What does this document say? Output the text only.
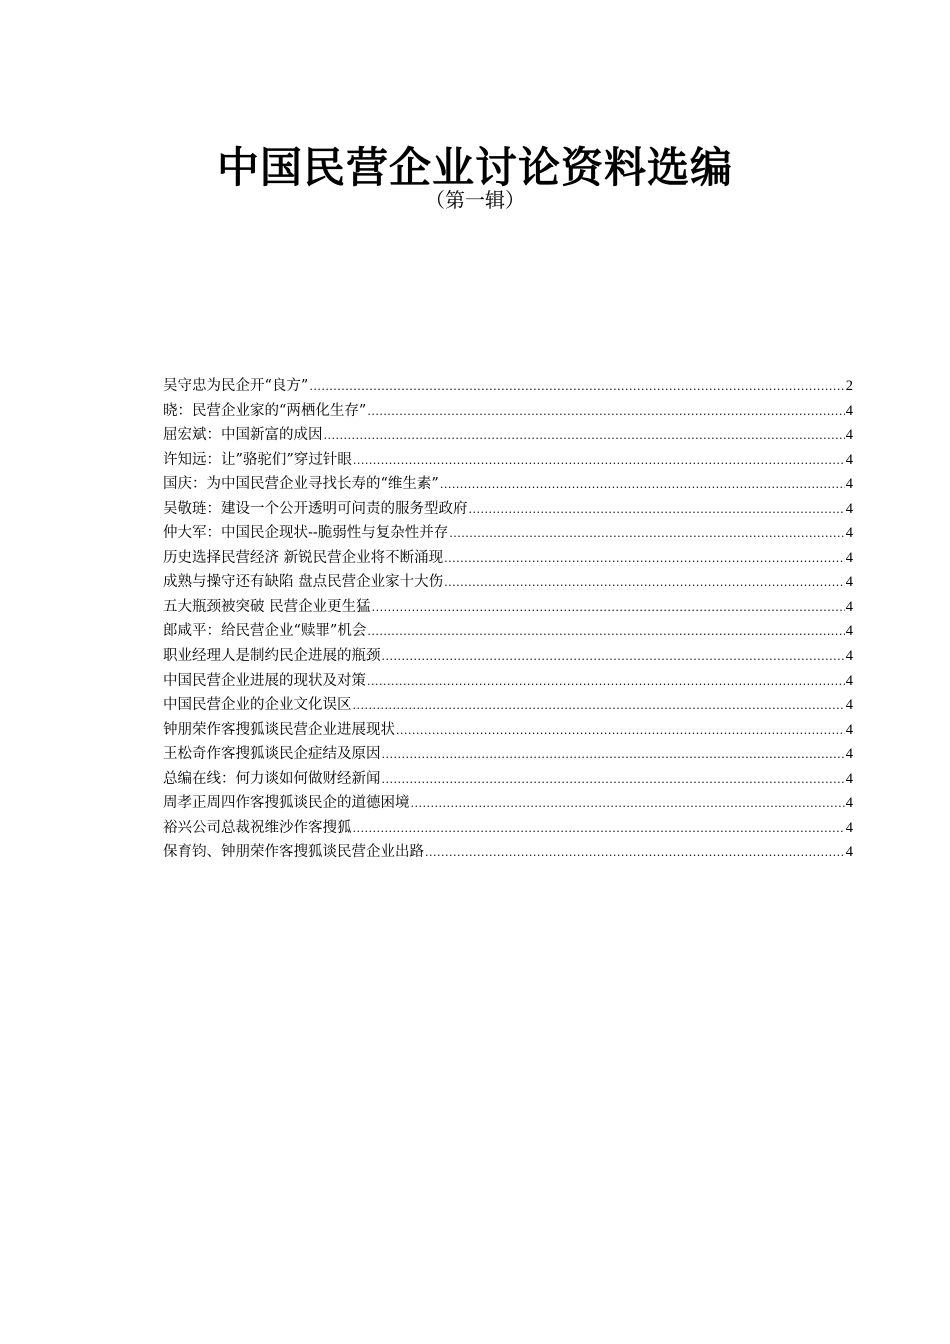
中国民营企业讨论资料选编
（第一辑）
吴守忠为民企开“良方” .....	2
晓：民营企业家的“两栖化生存” .....	4
屈宏斌：中国新富的成因 .....	4
许知远：让”骆驼们”穿过针眼 .....	4
国庆：为中国民营企业寻找长寿的“维生素” .....	4
吴敬琏：建设一个公开透明可问责的服务型政府 .....	4
仲大军：中国民企现状--脆弱性与复杂性并存 .....	4
历史选择民营经济 新锐民营企业将不断涌现 .....	4
成熟与操守还有缺陷 盘点民营企业家十大伤 .....	4
五大瓶颈被突破 民营企业更生猛 .....	4
郎咸平：给民营企业“赎罪”机会 .....	4
职业经理人是制约民企进展的瓶颈 .....	4
中国民营企业进展的现状及对策 .....	4
中国民营企业的企业文化误区 .....	4
钟朋荣作客搜狐谈民营企业进展现状 .....	4
王松奇作客搜狐谈民企症结及原因 .....	4
总编在线：何力谈如何做财经新闻 .....	4
周孝正周四作客搜狐谈民企的道德困境 .....	4
裕兴公司总裁祝维沙作客搜狐 .....	4
保育钧、钟朋荣作客搜狐谈民营企业出路 .....	4
